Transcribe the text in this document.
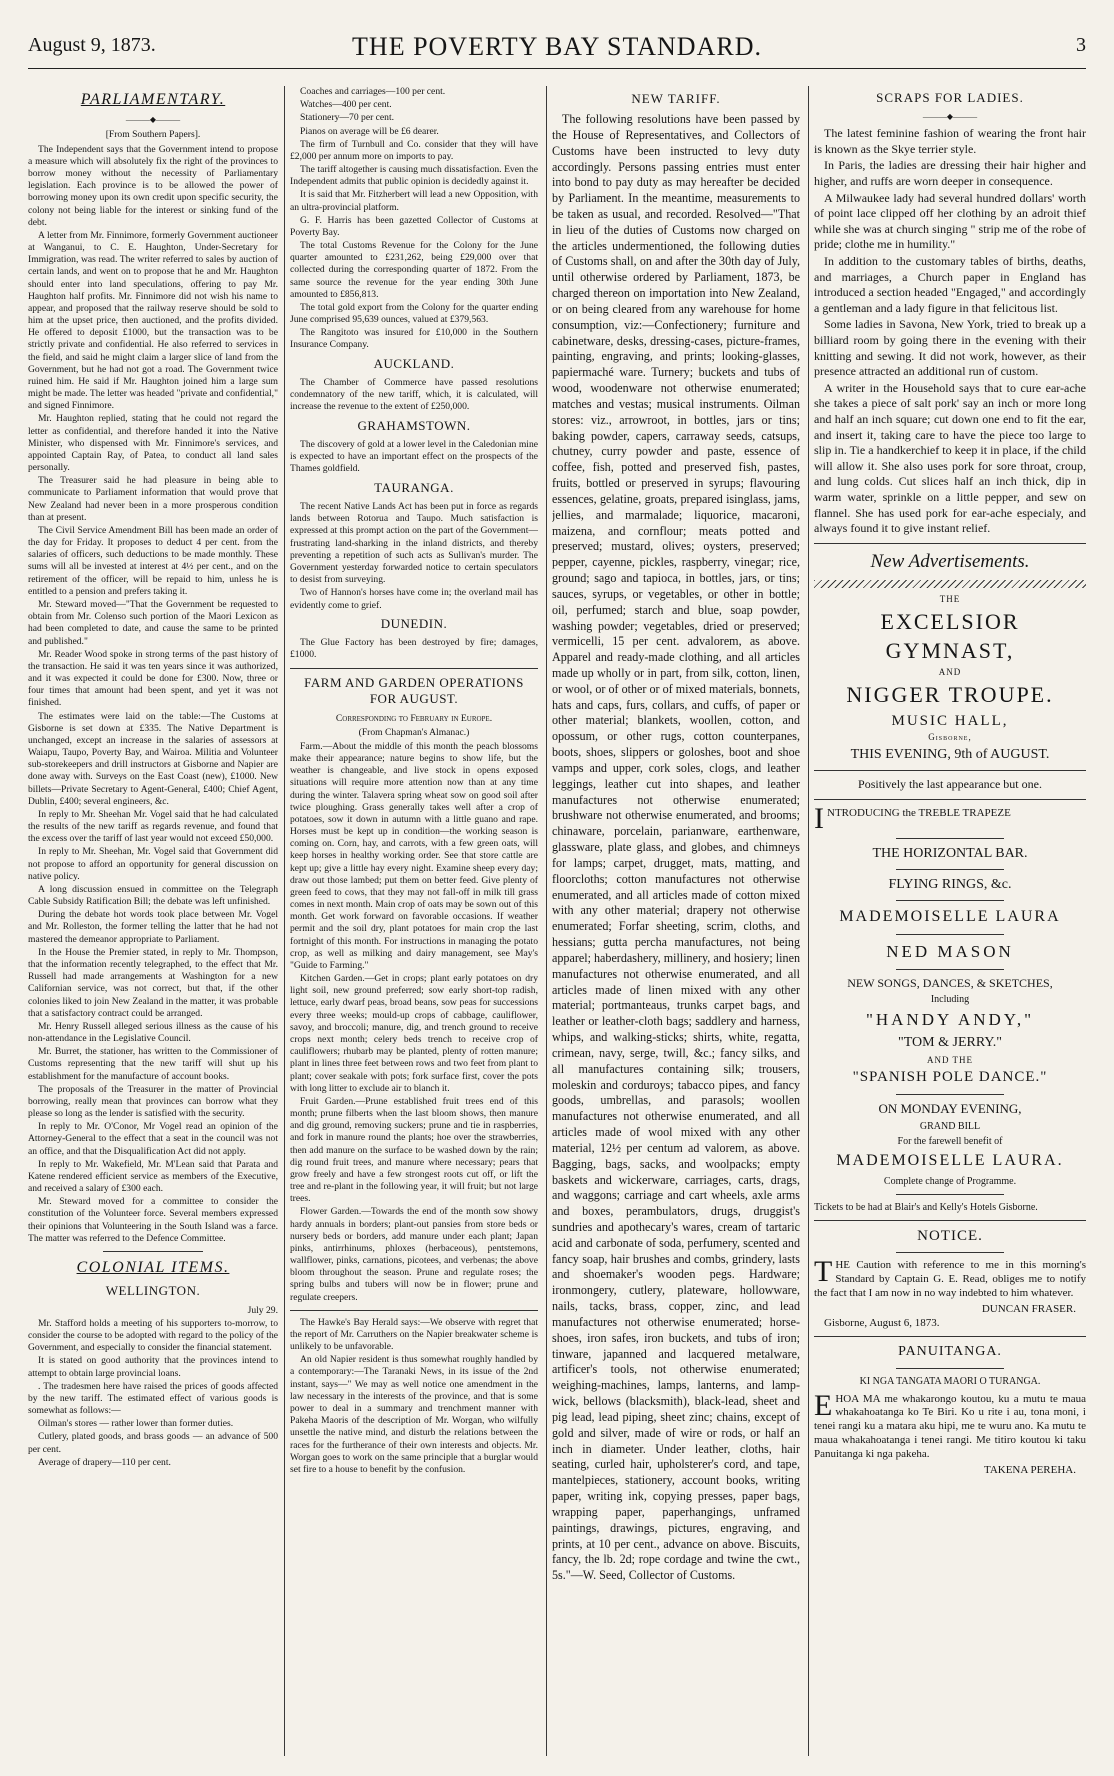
August 9, 1873.	THE POVERTY BAY STANDARD.	3
PARLIAMENTARY.
———◆———

[From Southern Papers].

The Independent says that the Government intend to propose a measure which will absolutely fix the right of the provinces to borrow money without the necessity of Parliamentary legislation. Each province is to be allowed the power of borrowing money upon its own credit upon specific security, the colony not being liable for the interest or sinking fund of the debt.

A letter from Mr. Finnimore, formerly Government auctioneer at Wanganui, to C. E. Haughton, Under-Secretary for Immigration, was read. The writer referred to sales by auction of certain lands, and went on to propose that he and Mr. Haughton should enter into land speculations, offering to pay Mr. Haughton half profits. Mr. Finnimore did not wish his name to appear, and proposed that the railway reserve should be sold to him at the upset price, then auctioned, and the profits divided. He offered to deposit £1000, but the transaction was to be strictly private and confidential. He also referred to services in the field, and said he might claim a larger slice of land from the Government, but he had not got a road. The Government twice ruined him. He said if Mr. Haughton joined him a large sum might be made. The letter was headed "private and confidential," and signed Finnimore.

Mr. Haughton replied, stating that he could not regard the letter as confidential, and therefore handed it into the Native Minister, who dispensed with Mr. Finnimore's services, and appointed Captain Ray, of Patea, to conduct all land sales personally.

The Treasurer said he had pleasure in being able to communicate to Parliament information that would prove that New Zealand had never been in a more prosperous condition than at present.

The Civil Service Amendment Bill has been made an order of the day for Friday. It proposes to deduct 4 per cent. from the salaries of officers, such deductions to be made monthly. These sums will all be invested at interest at 4½ per cent., and on the retirement of the officer, will be repaid to him, unless he is entitled to a pension and prefers taking it.

Mr. Steward moved—"That the Government be requested to obtain from Mr. Colenso such portion of the Maori Lexicon as had been completed to date, and cause the same to be printed and published."

Mr. Reader Wood spoke in strong terms of the past history of the transaction. He said it was ten years since it was authorized, and it was expected it could be done for £300. Now, three or four times that amount had been spent, and yet it was not finished.

The estimates were laid on the table:—The Customs at Gisborne is set down at £335. The Native Department is unchanged, except an increase in the salaries of assessors at Waiapu, Taupo, Poverty Bay, and Wairoa. Militia and Volunteer sub-storekeepers and drill instructors at Gisborne and Napier are done away with. Surveys on the East Coast (new), £1000. New billets—Private Secretary to Agent-General, £400; Chief Agent, Dublin, £400; several engineers, &c.

In reply to Mr. Sheehan Mr. Vogel said that he had calculated the results of the new tariff as regards revenue, and found that the excess over the tariff of last year would not exceed £50,000.

In reply to Mr. Sheehan, Mr. Vogel said that Government did not propose to afford an opportunity for general discussion on native policy.

A long discussion ensued in committee on the Telegraph Cable Subsidy Ratification Bill; the debate was left unfinished.

During the debate hot words took place between Mr. Vogel and Mr. Rolleston, the former telling the latter that he had not mastered the demeanor appropriate to Parliament.

In the House the Premier stated, in reply to Mr. Thompson, that the information recently telegraphed, to the effect that Mr. Russell had made arrangements at Washington for a new Californian service, was not correct, but that, if the other colonies liked to join New Zealand in the matter, it was probable that a satisfactory contract could be arranged.

Mr. Henry Russell alleged serious illness as the cause of his non-attendance in the Legislative Council.

Mr. Burret, the stationer, has written to the Commissioner of Customs representing that the new tariff will shut up his establishment for the manufacture of account books.

The proposals of the Treasurer in the matter of Provincial borrowing, really mean that provinces can borrow what they please so long as the lender is satisfied with the security.

In reply to Mr. O'Conor, Mr Vogel read an opinion of the Attorney-General to the effect that a seat in the council was not an office, and that the Disqualification Act did not apply.

In reply to Mr. Wakefield, Mr. M'Lean said that Parata and Katene rendered efficient service as members of the Executive, and received a salary of £300 each.

Mr. Steward moved for a committee to consider the constitution of the Volunteer force. Several members expressed their opinions that Volunteering in the South Island was a farce. The matter was referred to the Defence Committee.

COLONIAL ITEMS.
WELLINGTON.

July 29.

Mr. Stafford holds a meeting of his supporters to-morrow, to consider the course to be adopted with regard to the policy of the Government, and especially to consider the financial statement.

It is stated on good authority that the provinces intend to attempt to obtain large provincial loans.

. The tradesmen here have raised the prices of goods affected by the new tariff. The estimated effect of various goods is somewhat as follows:—

Oilman's stores — rather lower than former duties.

Cutlery, plated goods, and brass goods — an advance of 500 per cent.

Average of drapery—110 per cent.

Coaches and carriages—100 per cent.

Watches—400 per cent.

Stationery—70 per cent.

Pianos on average will be £6 dearer.

The firm of Turnbull and Co. consider that they will have £2,000 per annum more on imports to pay.

The tariff altogether is causing much dissatisfaction. Even the Independent admits that public opinion is decidedly against it.

It is said that Mr. Fitzherbert will lead a new Opposition, with an ultra-provincial platform.

G. F. Harris has been gazetted Collector of Customs at Poverty Bay.

The total Customs Revenue for the Colony for the June quarter amounted to £231,262, being £29,000 over that collected during the corresponding quarter of 1872. From the same source the revenue for the year ending 30th June amounted to £856,813.

The total gold export from the Colony for the quarter ending June comprised 95,639 ounces, valued at £379,563.

The Rangitoto was insured for £10,000 in the Southern Insurance Company.

AUCKLAND.

The Chamber of Commerce have passed resolutions condemnatory of the new tariff, which, it is calculated, will increase the revenue to the extent of £250,000.

GRAHAMSTOWN.

The discovery of gold at a lower level in the Caledonian mine is expected to have an important effect on the prospects of the Thames goldfield.

TAURANGA.

The recent Native Lands Act has been put in force as regards lands between Rotorua and Taupo. Much satisfaction is expressed at this prompt action on the part of the Government—frustrating land-sharking in the inland districts, and thereby preventing a repetition of such acts as Sullivan's murder. The Government yesterday forwarded notice to certain speculators to desist from surveying.

Two of Hannon's horses have come in; the overland mail has evidently come to grief.

DUNEDIN.

The Glue Factory has been destroyed by fire; damages, £1000.

FARM AND GARDEN OPERATIONS FOR AUGUST.

Corresponding to February in Europe.

(From Chapman's Almanac.)

Farm.—About the middle of this month the peach blossoms make their appearance; nature begins to show life, but the weather is changeable, and live stock in opens exposed situations will require more attention now than at any time during the winter. Talavera spring wheat sow on good soil after twice ploughing. Grass generally takes well after a crop of potatoes, sow it down in autumn with a little guano and rape. Horses must be kept up in condition—the working season is coming on. Corn, hay, and carrots, with a few green oats, will keep horses in healthy working order. See that store cattle are kept up; give a little hay every night. Examine sheep every day; draw out those lambed; put them on better feed. Give plenty of green feed to cows, that they may not fall-off in milk till grass comes in next month. Main crop of oats may be sown out of this month. Get work forward on favorable occasions. If weather permit and the soil dry, plant potatoes for main crop the last fortnight of this month. For instructions in managing the potato crop, as well as milking and dairy management, see May's "Guide to Farming."

Kitchen Garden.—Get in crops; plant early potatoes on dry light soil, new ground preferred; sow early short-top radish, lettuce, early dwarf peas, broad beans, sow peas for successions every three weeks; mould-up crops of cabbage, cauliflower, savoy, and broccoli; manure, dig, and trench ground to receive crops next month; celery beds trench to receive crop of cauliflowers; rhubarb may be planted, plenty of rotten manure; plant in lines three feet between rows and two feet from plant to plant; cover seakale with pots; fork surface first, cover the pots with long litter to exclude air to blanch it.

Fruit Garden.—Prune established fruit trees end of this month; prune filberts when the last bloom shows, then manure and dig ground, removing suckers; prune and tie in raspberries, and fork in manure round the plants; hoe over the strawberries, then add manure on the surface to be washed down by the rain; dig round fruit trees, and manure where necessary; pears that grow freely and have a few strongest roots cut off, or lift the tree and re-plant in the following year, it will fruit; but not large trees.

Flower Garden.—Towards the end of the month sow showy hardy annuals in borders; plant-out pansies from store beds or nursery beds or borders, add manure under each plant; Japan pinks, antirrhinums, phloxes (herbaceous), pentstemons, wallflower, pinks, carnations, picotees, and verbenas; the above bloom throughout the season. Prune and regulate roses; the spring bulbs and tubers will now be in flower; prune and regulate creepers.

The Hawke's Bay Herald says:—We observe with regret that the report of Mr. Carruthers on the Napier breakwater scheme is unlikely to be unfavorable.

An old Napier resident is thus somewhat roughly handled by a contemporary:—The Taranaki News, in its issue of the 2nd instant, says—" We may as well notice one amendment in the law necessary in the interests of the province, and that is some power to deal in a summary and trenchment manner with Pakeha Maoris of the description of Mr. Worgan, who wilfully unsettle the native mind, and disturb the relations between the races for the furtherance of their own interests and objects. Mr. Worgan goes to work on the same principle that a burglar would set fire to a house to benefit by the confusion.

NEW TARIFF.

The following resolutions have been passed by the House of Representatives, and Collectors of Customs have been instructed to levy duty accordingly. Persons passing entries must enter into bond to pay duty as may hereafter be decided by Parliament. In the meantime, measurements to be taken as usual, and recorded. Resolved—"That in lieu of the duties of Customs now charged on the articles undermentioned, the following duties of Customs shall, on and after the 30th day of July, until otherwise ordered by Parliament, 1873, be charged thereon on importation into New Zealand, or on being cleared from any warehouse for home consumption, viz:—Confectionery; furniture and cabinetware, desks, dressing-cases, picture-frames, painting, engraving, and prints; looking-glasses, papiermaché ware. Turnery; buckets and tubs of wood, woodenware not otherwise enumerated; matches and vestas; musical instruments. Oilman stores: viz., arrowroot, in bottles, jars or tins; baking powder, capers, carraway seeds, catsups, chutney, curry powder and paste, essence of coffee, fish, potted and preserved fish, pastes, fruits, bottled or preserved in syrups; flavouring essences, gelatine, groats, prepared isinglass, jams, jellies, and marmalade; liquorice, macaroni, maizena, and cornflour; meats potted and preserved; mustard, olives; oysters, preserved; pepper, cayenne, pickles, raspberry, vinegar; rice, ground; sago and tapioca, in bottles, jars, or tins; sauces, syrups, or vegetables, or other in bottle; oil, perfumed; starch and blue, soap powder, washing powder; vegetables, dried or preserved; vermicelli, 15 per cent. advalorem, as above. Apparel and ready-made clothing, and all articles made up wholly or in part, from silk, cotton, linen, or wool, or of other or of mixed materials, bonnets, hats and caps, furs, collars, and cuffs, of paper or other material; blankets, woollen, cotton, and opossum, or other rugs, cotton counterpanes, boots, shoes, slippers or goloshes, boot and shoe vamps and upper, cork soles, clogs, and leather leggings, leather cut into shapes, and leather manufactures not otherwise enumerated; brushware not otherwise enumerated, and brooms; chinaware, porcelain, parianware, earthenware, glassware, plate glass, and globes, and chimneys for lamps; carpet, drugget, mats, matting, and floorcloths; cotton manufactures not otherwise enumerated, and all articles made of cotton mixed with any other material; drapery not otherwise enumerated; Forfar sheeting, scrim, cloths, and hessians; gutta percha manufactures, not being apparel; haberdashery, millinery, and hosiery; linen manufactures not otherwise enumerated, and all articles made of linen mixed with any other material; portmanteaus, trunks carpet bags, and leather or leather-cloth bags; saddlery and harness, whips, and walking-sticks; shirts, white, regatta, crimean, navy, serge, twill, &c.; fancy silks, and all manufactures containing silk; trousers, moleskin and corduroys; tabacco pipes, and fancy goods, umbrellas, and parasols; woollen manufactures not otherwise enumerated, and all articles made of wool mixed with any other material, 12½ per centum ad valorem, as above. Bagging, bags, sacks, and woolpacks; empty baskets and wickerware, carriages, carts, drags, and waggons; carriage and cart wheels, axle arms and boxes, perambulators, drugs, druggist's sundries and apothecary's wares, cream of tartaric acid and carbonate of soda, perfumery, scented and fancy soap, hair brushes and combs, grindery, lasts and shoemaker's wooden pegs. Hardware; ironmongery, cutlery, plateware, hollowware, nails, tacks, brass, copper, zinc, and lead manufactures not otherwise enumerated; horse-shoes, iron safes, iron buckets, and tubs of iron; tinware, japanned and lacquered metalware, artificer's tools, not otherwise enumerated; weighing-machines, lamps, lanterns, and lamp-wick, bellows (blacksmith), black-lead, sheet and pig lead, lead piping, sheet zinc; chains, except of gold and silver, made of wire or rods, or half an inch in diameter. Under leather, cloths, hair seating, curled hair, upholsterer's cord, and tape, mantelpieces, stationery, account books, writing paper, writing ink, copying presses, paper bags, wrapping paper, paperhangings, unframed paintings, drawings, pictures, engraving, and prints, at 10 per cent., advance on above. Biscuits, fancy, the lb. 2d; rope cordage and twine the cwt., 5s."—W. Seed, Collector of Customs.

SCRAPS FOR LADIES.
———◆———

The latest feminine fashion of wearing the front hair is known as the Skye terrier style.

In Paris, the ladies are dressing their hair higher and higher, and ruffs are worn deeper in consequence.

A Milwaukee lady had several hundred dollars' worth of point lace clipped off her clothing by an adroit thief while she was at church singing " strip me of the robe of pride; clothe me in humility."

In addition to the customary tables of births, deaths, and marriages, a Church paper in England has introduced a section headed "Engaged," and accordingly a gentleman and a lady figure in that felicitous list.

Some ladies in Savona, New York, tried to break up a billiard room by going there in the evening with their knitting and sewing. It did not work, however, as their presence attracted an additional run of custom.

A writer in the Household says that to cure ear-ache she takes a piece of salt pork' say an inch or more long and half an inch square; cut down one end to fit the ear, and insert it, taking care to have the piece too large to slip in. Tie a handkerchief to keep it in place, if the child will allow it. She also uses pork for sore throat, croup, and lung colds. Cut slices half an inch thick, dip in warm water, sprinkle on a little pepper, and sew on flannel. She has used pork for ear-ache especialy, and always found it to give instant relief.

New Advertisements.
THE
EXCELSIOR GYMNAST,
AND
NIGGER TROUPE.
MUSIC HALL,
Gisborne,
THIS EVENING, 9th of AUGUST.
Positively the last appearance but one.
INTRODUCING the TREBLE TRAPEZE
THE HORIZONTAL BAR.
FLYING RINGS, &c.
MADEMOISELLE LAURA
NED MASON
NEW SONGS, DANCES, & SKETCHES,
Including
"HANDY ANDY,"
"TOM & JERRY."
AND THE
"SPANISH POLE DANCE."
ON MONDAY EVENING,
GRAND BILL
For the farewell benefit of
MADEMOISELLE LAURA.
Complete change of Programme.
Tickets to be had at Blair's and Kelly's Hotels Gisborne.
NOTICE.
THE Caution with reference to me in this morning's Standard by Captain G. E. Read, obliges me to notify the fact that I am now in no way indebted to him whatever.
DUNCAN FRASER.
Gisborne, August 6, 1873.
PANUITANGA.
KI NGA TANGATA MAORI O TURANGA.
EHOA MA me whakarongo koutou, ku a mutu te maua whakahoatanga ko Te Biri. Ko u rite i au, tona moni, i tenei rangi ku a matara aku hipi, me te wuru ano. Ka mutu te maua whakahoatanga i tenei rangi. Me titiro koutou ki taku Panuitanga ki nga pakeha.
TAKENA PEREHA.
